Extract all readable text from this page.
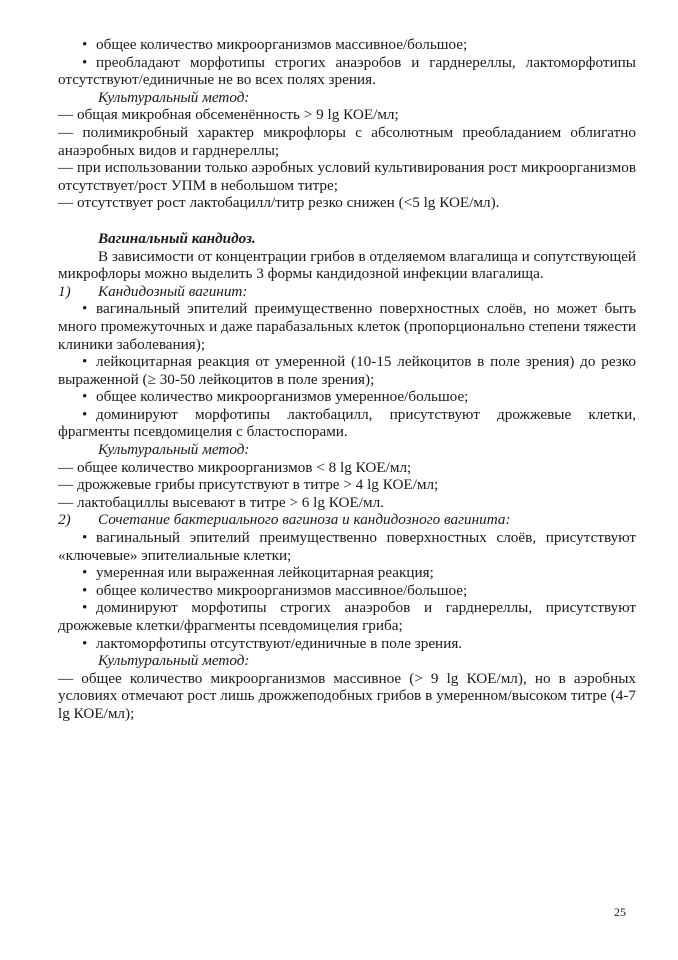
• общее количество микроорганизмов массивное/большое;

• преобладают морфотипы строгих анаэробов и гарднереллы, лактоморфотипы отсутствуют/единичные не во всех полях зрения.

Культуральный метод:

— общая микробная обсеменённость > 9 lg КОЕ/мл;

— полимикробный характер микрофлоры с абсолютным преобладанием облигатно анаэробных видов и гарднереллы;

— при использовании только аэробных условий культивирования рост микроорганизмов отсутствует/рост УПМ в небольшом титре;

— отсутствует рост лактобацилл/титр резко снижен (<5 lg КОЕ/мл).

Вагинальный кандидоз.

В зависимости от концентрации грибов в отделяемом влагалища и сопутствующей микрофлоры можно выделить 3 формы кандидозной инфекции влагалища.

1) Кандидозный вагинит:

• вагинальный эпителий преимущественно поверхностных слоёв, но может быть много промежуточных и даже парабазальных клеток (пропорционально степени тяжести клиники заболевания);

• лейкоцитарная реакция от умеренной (10-15 лейкоцитов в поле зрения) до резко выраженной (≥ 30-50 лейкоцитов в поле зрения);

• общее количество микроорганизмов умеренное/большое;

• доминируют морфотипы лактобацилл, присутствуют дрожжевые клетки, фрагменты псевдомицелия с бластоспорами.

Культуральный метод:

— общее количество микроорганизмов < 8 lg КОЕ/мл;

— дрожжевые грибы присутствуют в титре > 4 lg КОЕ/мл;

— лактобациллы высевают в титре > 6 lg КОЕ/мл.

2) Сочетание бактериального вагиноза и кандидозного вагинита:

• вагинальный эпителий преимущественно поверхностных слоёв, присутствуют «ключевые» эпителиальные клетки;

• умеренная или выраженная лейкоцитарная реакция;

• общее количество микроорганизмов массивное/большое;

• доминируют морфотипы строгих анаэробов и гарднереллы, присутствуют дрожжевые клетки/фрагменты псевдомицелия гриба;

• лактоморфотипы отсутствуют/единичные в поле зрения.

Культуральный метод:

— общее количество микроорганизмов массивное (> 9 lg КОЕ/мл), но в аэробных условиях отмечают рост лишь дрожжеподобных грибов в умеренном/высоком титре (4-7 lg КОЕ/мл);

25
